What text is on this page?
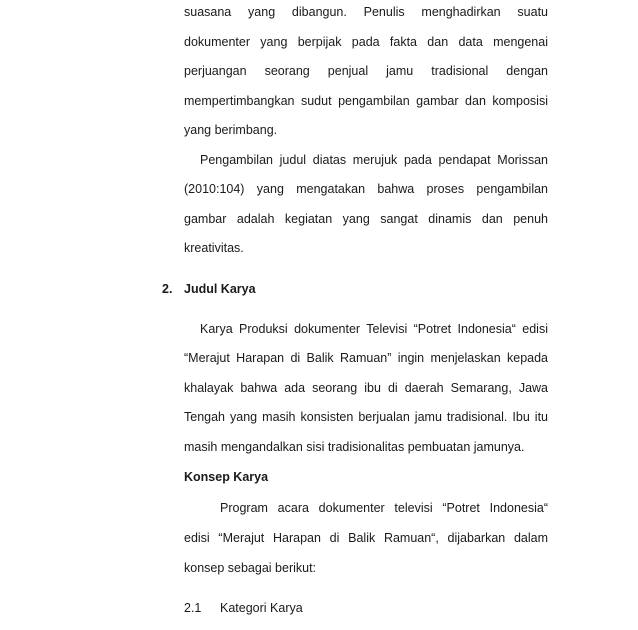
suasana yang dibangun. Penulis menghadirkan suatu
dokumenter yang berpijak pada fakta dan data mengenai
perjuangan seorang penjual jamu tradisional dengan
mempertimbangkan sudut pengambilan gambar dan komposisi
yang berimbang.
Pengambilan judul diatas merujuk pada pendapat Morissan
(2010:104) yang mengatakan bahwa proses pengambilan
gambar adalah kegiatan yang sangat dinamis dan penuh
kreativitas.
2. Judul Karya
Karya Produksi dokumenter Televisi “Potret Indonesia“ edisi
“Merajut Harapan di Balik Ramuan” ingin menjelaskan kepada
khalayak bahwa ada seorang ibu di daerah Semarang, Jawa
Tengah yang masih konsisten berjualan jamu tradisional. Ibu itu
masih mengandalkan sisi tradisionalitas pembuatan jamunya.
Konsep Karya
Program acara dokumenter televisi “Potret Indonesia“
edisi “Merajut Harapan di Balik Ramuan“, dijabarkan dalam
konsep sebagai berikut:
2.1 Kategori Karya
